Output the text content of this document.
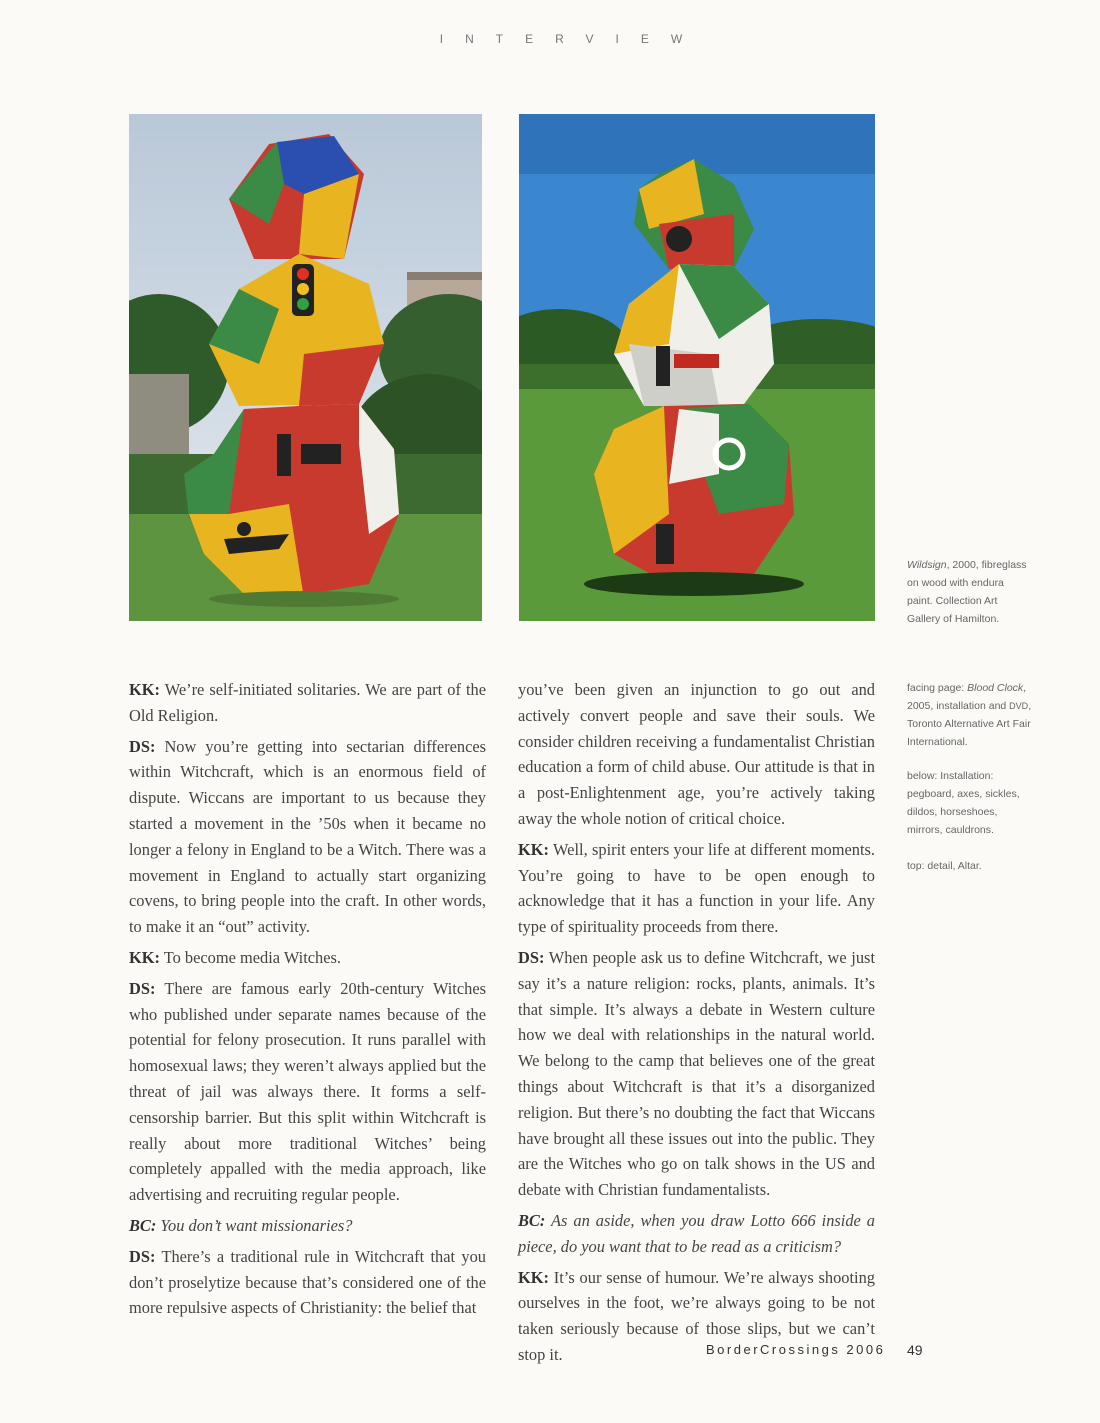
INTERVIEW
Wildsign, 2000, fibreglass on wood with endura paint. Collection Art Gallery of Hamilton.
facing page: Blood Clock, 2005, installation and DVD, Toronto Alternative Art Fair International.
below: Installation: pegboard, axes, sickles, dildos, horseshoes, mirrors, cauldrons.
top: detail, Altar.

KK: We’re self-initiated solitaries. We are part of the Old Religion.

DS: Now you’re getting into sectarian differences within Witchcraft, which is an enormous field of dispute. Wiccans are important to us because they started a movement in the ’50s when it became no longer a felony in England to be a Witch. There was a movement in England to actually start organizing covens, to bring people into the craft. In other words, to make it an “out” activity.

KK: To become media Witches.

DS: There are famous early 20th-century Witches who published under separate names because of the potential for felony prosecution. It runs parallel with homosexual laws; they weren’t always applied but the threat of jail was always there. It forms a self-censorship barrier. But this split within Witchcraft is really about more traditional Witches’ being completely appalled with the media approach, like advertising and recruiting regular people.

BC: You don’t want missionaries?

DS: There’s a traditional rule in Witchcraft that you don’t proselytize because that’s considered one of the more repulsive aspects of Christianity: the belief that

you’ve been given an injunction to go out and actively convert people and save their souls. We consider children receiving a fundamentalist Christian education a form of child abuse. Our attitude is that in a post-Enlightenment age, you’re actively taking away the whole notion of critical choice.

KK: Well, spirit enters your life at different moments. You’re going to have to be open enough to acknowledge that it has a function in your life. Any type of spirituality proceeds from there.

DS: When people ask us to define Witchcraft, we just say it’s a nature religion: rocks, plants, animals. It’s that simple. It’s always a debate in Western culture how we deal with relationships in the natural world. We belong to the camp that believes one of the great things about Witchcraft is that it’s a disorganized religion. But there’s no doubting the fact that Wiccans have brought all these issues out into the public. They are the Witches who go on talk shows in the US and debate with Christian fundamentalists.

BC: As an aside, when you draw Lotto 666 inside a piece, do you want that to be read as a criticism?

KK: It’s our sense of humour. We’re always shooting ourselves in the foot, we’re always going to be not taken seriously because of those slips, but we can’t stop it.	BorderCrossings 2006 49
